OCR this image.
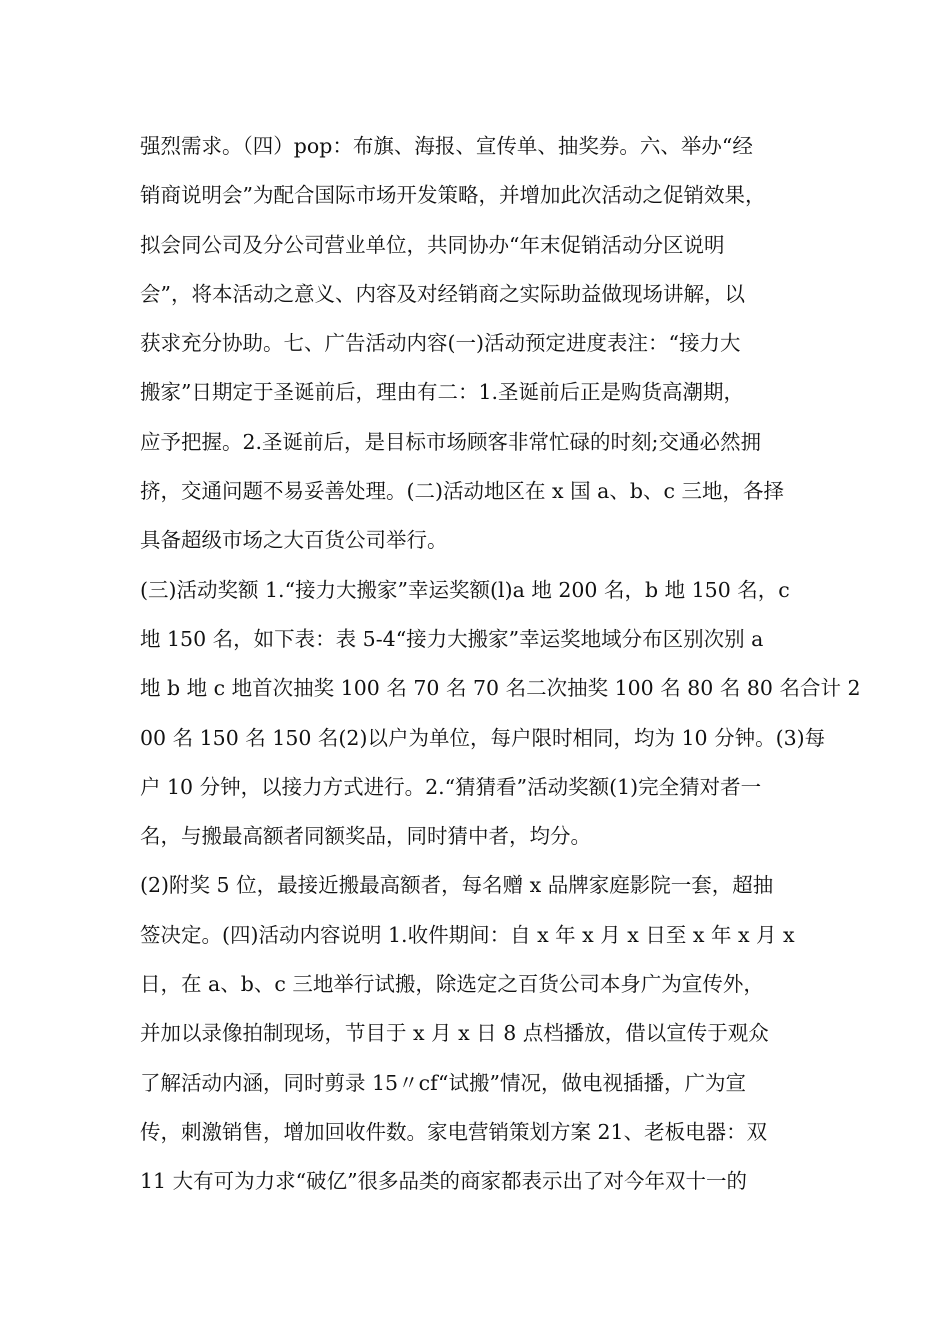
强烈需求。（四）pop：布旗、海报、宣传单、抽奖券。六、举办“经
销商说明会”为配合国际市场开发策略，并增加此次活动之促销效果，
拟会同公司及分公司营业单位，共同协办“年末促销活动分区说明
会”，将本活动之意义、内容及对经销商之实际助益做现场讲解，以
获求充分协助。七、广告活动内容(一)活动预定进度表注：“接力大
搬家”日期定于圣诞前后，理由有二：1.圣诞前后正是购货高潮期，
应予把握。2.圣诞前后，是目标市场顾客非常忙碌的时刻;交通必然拥
挤，交通问题不易妥善处理。(二)活动地区在 x 国 a、b、c 三地，各择
具备超级市场之大百货公司举行。
(三)活动奖额 1.“接力大搬家”幸运奖额(l)a 地 200 名，b 地 150 名，c
地 150 名，如下表：表 5-4“接力大搬家”幸运奖地域分布区别次别 a
地 b 地 c 地首次抽奖 100 名 70 名 70 名二次抽奖 100 名 80 名 80 名合计 2
00 名 150 名 150 名(2)以户为单位，每户限时相同，均为 10 分钟。(3)每
户 10 分钟，以接力方式进行。2.“猜猜看”活动奖额(1)完全猜对者一
名，与搬最高额者同额奖品，同时猜中者，均分。
(2)附奖 5 位，最接近搬最高额者，每名赠 x 品牌家庭影院一套，超抽
签决定。(四)活动内容说明 1.收件期间：自 x 年 x 月 x 日至 x 年 x 月 x
日，在 a、b、c 三地举行试搬，除选定之百货公司本身广为宣传外，
并加以录像拍制现场，节目于 x 月 x 日 8 点档播放，借以宣传于观众
了解活动内涵，同时剪录 15〃cf“试搬”情况，做电视插播，广为宣
传，刺激销售，增加回收件数。家电营销策划方案 21、老板电器：双
11 大有可为力求“破亿”很多品类的商家都表示出了对今年双十一的
